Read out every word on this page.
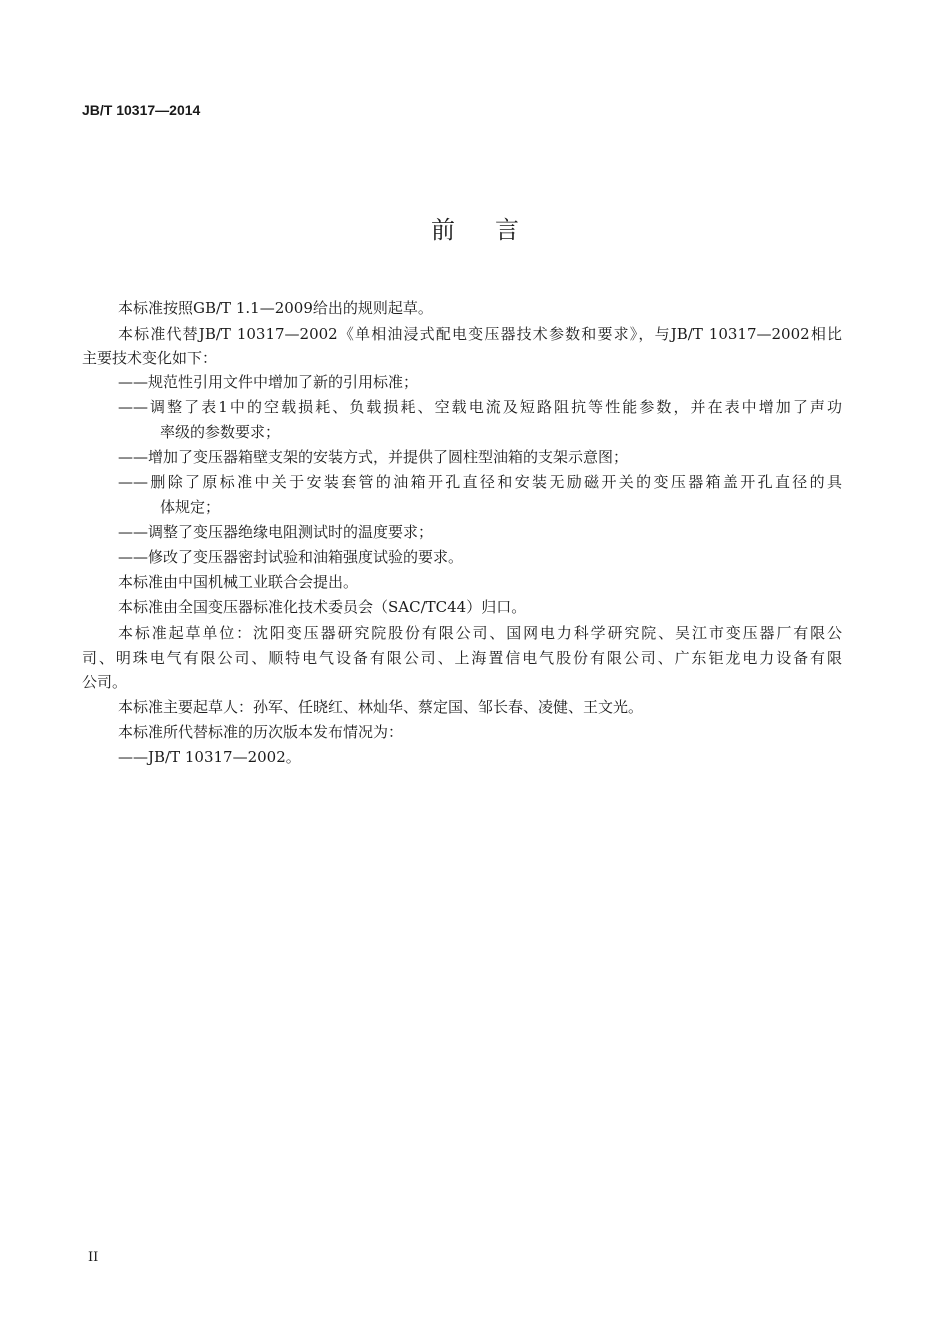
JB/T 10317—2014
前言
本标准按照GB/T 1.1—2009给出的规则起草。
本标准代替JB/T 10317—2002《单相油浸式配电变压器技术参数和要求》，与JB/T 10317—2002相比
主要技术变化如下：
——规范性引用文件中增加了新的引用标准；
——调整了表1中的空载损耗、负载损耗、空载电流及短路阻抗等性能参数，并在表中增加了声功
率级的参数要求；
——增加了变压器箱壁支架的安装方式，并提供了圆柱型油箱的支架示意图；
——删除了原标准中关于安装套管的油箱开孔直径和安装无励磁开关的变压器箱盖开孔直径的具
体规定；
——调整了变压器绝缘电阻测试时的温度要求；
——修改了变压器密封试验和油箱强度试验的要求。
本标准由中国机械工业联合会提出。
本标准由全国变压器标准化技术委员会（SAC/TC44）归口。
本标准起草单位：沈阳变压器研究院股份有限公司、国网电力科学研究院、吴江市变压器厂有限公
司、明珠电气有限公司、顺特电气设备有限公司、上海置信电气股份有限公司、广东钜龙电力设备有限
公司。
本标准主要起草人：孙军、任晓红、林灿华、蔡定国、邹长春、凌健、王文光。
本标准所代替标准的历次版本发布情况为：
——JB/T 10317—2002。
II
